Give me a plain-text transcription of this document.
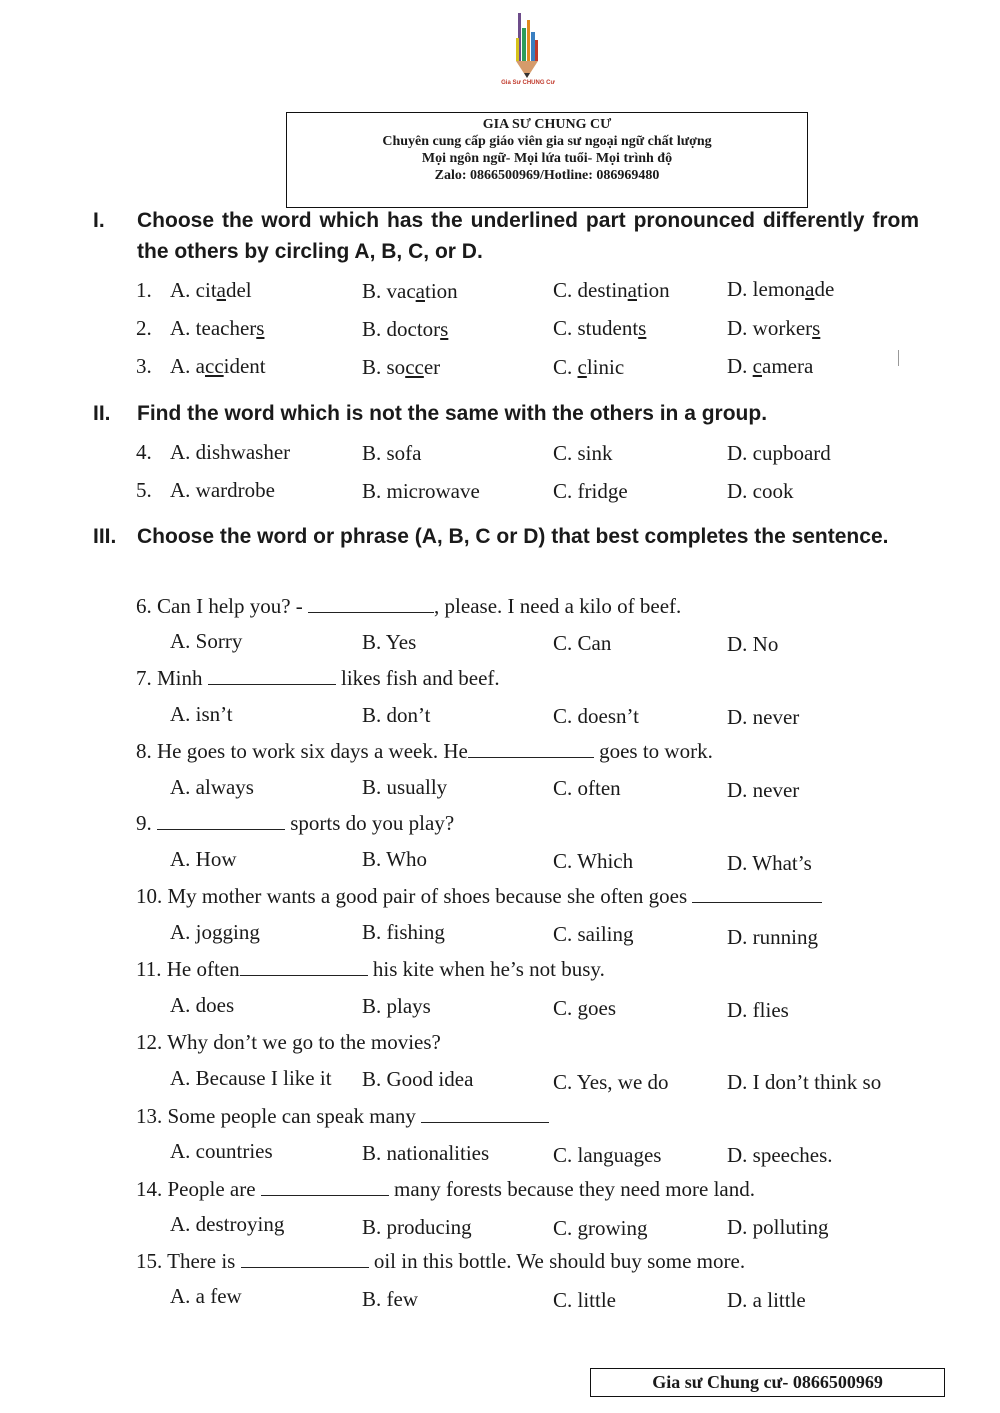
Gia Sư CHUNG Cư
GIA SƯ CHUNG CƯ
Chuyên cung cấp giáo viên gia sư ngoại ngữ chất lượng
Mọi ngôn ngữ- Mọi lứa tuổi- Mọi trình độ
Zalo: 0866500969/Hotline: 086969480
I. Choose the word which has the underlined part pronounced differently from the others by circling A, B, C, or D.
1. A. citadel	B. vacation	C. destination	D. lemonade
2. A. teachers	B. doctors	C. students	D. workers
3. A. accident	B. soccer	C. clinic	D. camera
II. Find the word which is not the same with the others in a group.
4. A. dishwasher	B. sofa	C. sink	D. cupboard
5. A. wardrobe	B. microwave	C. fridge	D. cook
III. Choose the word or phrase (A, B, C or D) that best completes the sentence.
6. Can I help you? -	, please. I need a kilo of beef.
A. Sorry	B. Yes	C. Can	D. No
7. Minh	likes fish and beef.
A. isn’t	B. don’t	C. doesn’t	D. never
8. He goes to work six days a week. He	goes to work.
A. always	B. usually	C. often	D. never
9.	sports do you play?
A. How	B. Who	C. Which	D. What’s
10. My mother wants a good pair of shoes because she often goes
A. jogging	B. fishing	C. sailing	D. running
11. He often	his kite when he’s not busy.
A. does	B. plays	C. goes	D. flies
12. Why don’t we go to the movies?
A. Because I like it B. Good idea	C. Yes, we do	D. I don’t think so
13. Some people can speak many
A. countries	B. nationalities	C. languages	D. speeches.
14. People are	many forests because they need more land.
A. destroying	B. producing	C. growing	D. polluting
15. There is	oil in this bottle. We should buy some more.
A. a few	B. few	C. little	D. a little
Gia sư Chung cư- 0866500969
